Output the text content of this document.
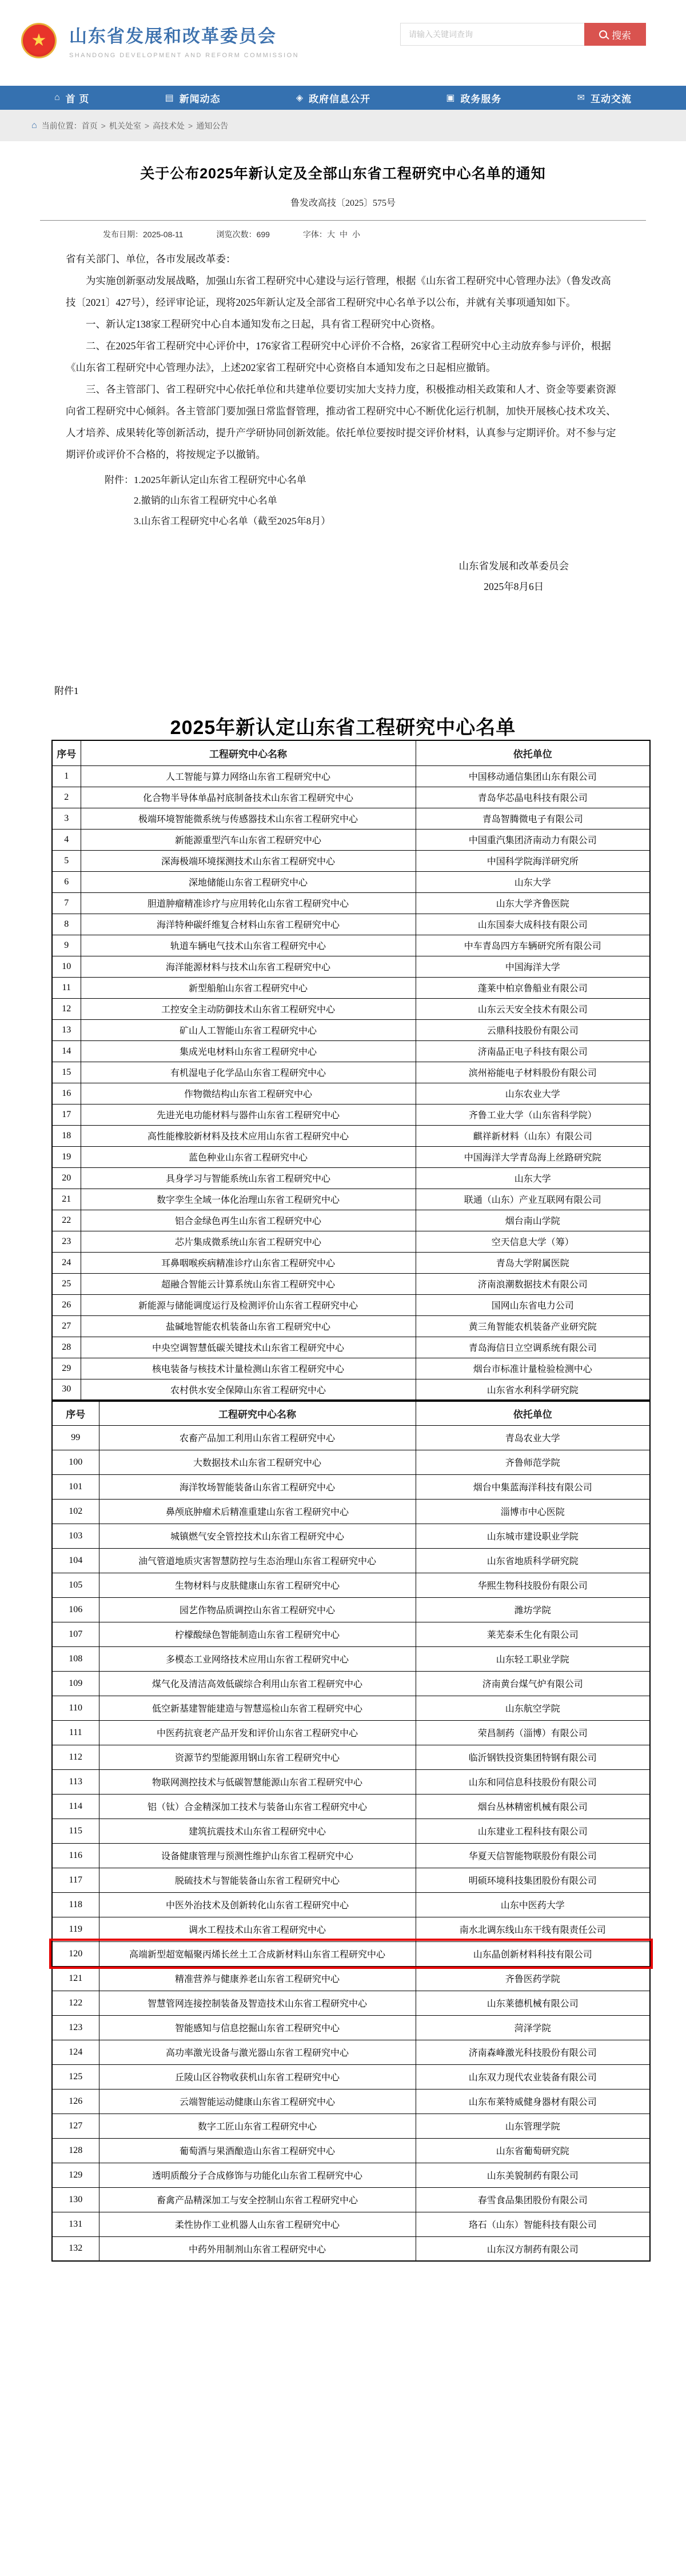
★	山东省发展和改革委员会
SHANDONG DEVELOPMENT AND REFORM COMMISSION
请输入关键词查询
搜索
⌂ 首 页	▤ 新闻动态	◈ 政府信息公开	▣ 政务服务	✉ 互动交流
⌂ 当前位置： 首页 > 机关处室 > 高技术处 > 通知公告
关于公布2025年新认定及全部山东省工程研究中心名单的通知
鲁发改高技〔2025〕575号
发布日期：2025-08-11	浏览次数：699	字体：大 中 小

省有关部门、单位，各市发展改革委：

为实施创新驱动发展战略，加强山东省工程研究中心建设与运行管理，根据《山东省工程研究中心管理办法》（鲁发改高技〔2021〕427号），经评审论证，现将2025年新认定及全部省工程研究中心名单予以公布，并就有关事项通知如下。

一、新认定138家工程研究中心自本通知发布之日起，具有省工程研究中心资格。

二、在2025年省工程研究中心评价中，176家省工程研究中心评价不合格，26家省工程研究中心主动放弃参与评价，根据《山东省工程研究中心管理办法》，上述202家省工程研究中心资格自本通知发布之日起相应撤销。

三、各主管部门、省工程研究中心依托单位和共建单位要切实加大支持力度，积极推动相关政策和人才、资金等要素资源向省工程研究中心倾斜。各主管部门要加强日常监督管理，推动省工程研究中心不断优化运行机制，加快开展核心技术攻关、人才培养、成果转化等创新活动，提升产学研协同创新效能。依托单位要按时提交评价材料，认真参与定期评价。对不参与定期评价或评价不合格的，将按规定予以撤销。

附件： 1.2025年新认定山东省工程研究中心名单
2.撤销的山东省工程研究中心名单
3.山东省工程研究中心名单（截至2025年8月）
山东省发展和改革委员会
2025年8月6日
附件1
2025年新认定山东省工程研究中心名单
序号	工程研究中心名称	依托单位
1	人工智能与算力网络山东省工程研究中心	中国移动通信集团山东有限公司
2	化合物半导体单晶衬底制备技术山东省工程研究中心	青岛华芯晶电科技有限公司
3	极端环境智能微系统与传感器技术山东省工程研究中心	青岛智腾微电子有限公司
4	新能源重型汽车山东省工程研究中心	中国重汽集团济南动力有限公司
5	深海极端环境探测技术山东省工程研究中心	中国科学院海洋研究所
6	深地储能山东省工程研究中心	山东大学
7	胆道肿瘤精准诊疗与应用转化山东省工程研究中心	山东大学齐鲁医院
8	海洋特种碳纤维复合材料山东省工程研究中心	山东国泰大成科技有限公司
9	轨道车辆电气技术山东省工程研究中心	中车青岛四方车辆研究所有限公司
10	海洋能源材料与技术山东省工程研究中心	中国海洋大学
11	新型船舶山东省工程研究中心	蓬莱中柏京鲁船业有限公司
12	工控安全主动防御技术山东省工程研究中心	山东云天安全技术有限公司
13	矿山人工智能山东省工程研究中心	云鼎科技股份有限公司
14	集成光电材料山东省工程研究中心	济南晶正电子科技有限公司
15	有机湿电子化学品山东省工程研究中心	滨州裕能电子材料股份有限公司
16	作物微结构山东省工程研究中心	山东农业大学
17	先进光电功能材料与器件山东省工程研究中心	齐鲁工业大学（山东省科学院）
18	高性能橡胶新材料及技术应用山东省工程研究中心	麒祥新材料（山东）有限公司
19	蓝色种业山东省工程研究中心	中国海洋大学青岛海上丝路研究院
20	具身学习与智能系统山东省工程研究中心	山东大学
21	数字孪生全域一体化治理山东省工程研究中心	联通（山东）产业互联网有限公司
22	铝合金绿色再生山东省工程研究中心	烟台南山学院
23	芯片集成微系统山东省工程研究中心	空天信息大学（筹）
24	耳鼻咽喉疾病精准诊疗山东省工程研究中心	青岛大学附属医院
25	超融合智能云计算系统山东省工程研究中心	济南浪潮数据技术有限公司
26	新能源与储能调度运行及检测评价山东省工程研究中心	国网山东省电力公司
27	盐碱地智能农机装备山东省工程研究中心	黄三角智能农机装备产业研究院
28	中央空调智慧低碳关键技术山东省工程研究中心	青岛海信日立空调系统有限公司
29	核电装备与核技术计量检测山东省工程研究中心	烟台市标准计量检验检测中心
30	农村供水安全保障山东省工程研究中心	山东省水利科学研究院
序号	工程研究中心名称	依托单位
99	农畜产品加工利用山东省工程研究中心	青岛农业大学
100	大数据技术山东省工程研究中心	齐鲁师范学院
101	海洋牧场智能装备山东省工程研究中心	烟台中集蓝海洋科技有限公司
102	鼻颅底肿瘤术后精准重建山东省工程研究中心	淄博市中心医院
103	城镇燃气安全管控技术山东省工程研究中心	山东城市建设职业学院
104	油气管道地质灾害智慧防控与生态治理山东省工程研究中心	山东省地质科学研究院
105	生物材料与皮肤健康山东省工程研究中心	华熙生物科技股份有限公司
106	园艺作物品质调控山东省工程研究中心	潍坊学院
107	柠檬酸绿色智能制造山东省工程研究中心	莱芜泰禾生化有限公司
108	多模态工业网络技术应用山东省工程研究中心	山东轻工职业学院
109	煤气化及清洁高效低碳综合利用山东省工程研究中心	济南黄台煤气炉有限公司
110	低空新基建智能建造与智慧巡检山东省工程研究中心	山东航空学院
111	中医药抗衰老产品开发和评价山东省工程研究中心	荣昌制药（淄博）有限公司
112	资源节约型能源用钢山东省工程研究中心	临沂钢铁投资集团特钢有限公司
113	物联网测控技术与低碳智慧能源山东省工程研究中心	山东和同信息科技股份有限公司
114	铝（钛）合金精深加工技术与装备山东省工程研究中心	烟台丛林精密机械有限公司
115	建筑抗震技术山东省工程研究中心	山东建业工程科技有限公司
116	设备健康管理与预测性维护山东省工程研究中心	华夏天信智能物联股份有限公司
117	脱硫技术与智能装备山东省工程研究中心	明硕环境科技集团股份有限公司
118	中医外治技术及创新转化山东省工程研究中心	山东中医药大学
119	调水工程技术山东省工程研究中心	南水北调东线山东干线有限责任公司
120	高端新型超宽幅聚丙烯长丝土工合成新材料山东省工程研究中心	山东晶创新材料科技有限公司
121	精准营养与健康养老山东省工程研究中心	齐鲁医药学院
122	智慧管网连接控制装备及智造技术山东省工程研究中心	山东莱德机械有限公司
123	智能感知与信息挖掘山东省工程研究中心	菏泽学院
124	高功率激光设备与激光器山东省工程研究中心	济南森峰激光科技股份有限公司
125	丘陵山区谷物收获机山东省工程研究中心	山东双力现代农业装备有限公司
126	云端智能运动健康山东省工程研究中心	山东布莱特威健身器材有限公司
127	数字工匠山东省工程研究中心	山东管理学院
128	葡萄酒与果酒酿造山东省工程研究中心	山东省葡萄研究院
129	透明质酸分子合成修饰与功能化山东省工程研究中心	山东美貌制药有限公司
130	畜禽产品精深加工与安全控制山东省工程研究中心	春雪食品集团股份有限公司
131	柔性协作工业机器人山东省工程研究中心	珞石（山东）智能科技有限公司
132	中药外用制剂山东省工程研究中心	山东汉方制药有限公司
